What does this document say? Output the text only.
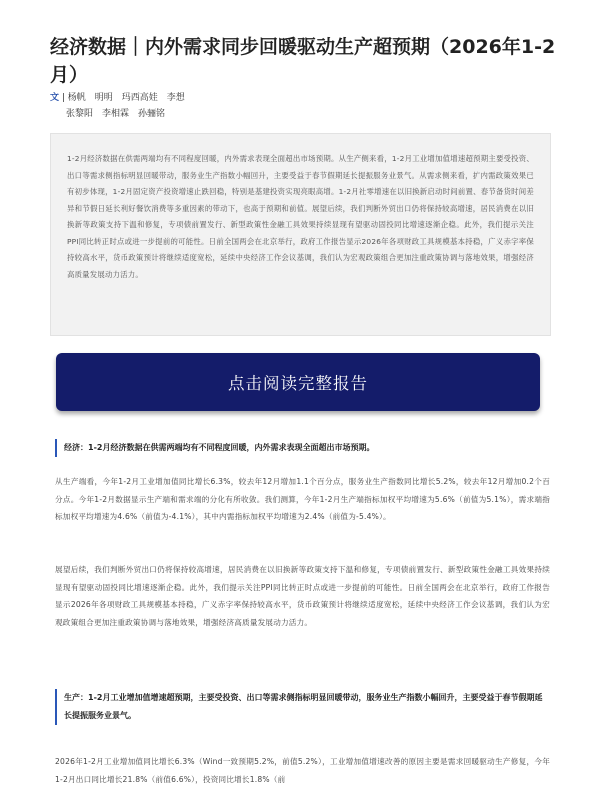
经济数据｜内外需求同步回暖驱动生产超预期（2026年1-2月）
文 | 杨帆　明明　玛西高娃　李想
张黎阳　李相霖　孙骊铭
1-2月经济数据在供需两端均有不同程度回暖，内外需求表现全面超出市场预期。从生产侧来看，1-2月工业增加值增速超预期主要受投资、出口等需求侧指标明显回暖带动，服务业生产指数小幅回升，主要受益于春节假期延长提振服务业景气。从需求侧来看，扩内需政策效果已有初步体现，1-2月固定资产投资增速止跌回稳，特别是基建投资实现亮眼高增。1-2月社零增速在以旧换新启动时间前置、春节备货时间差异和节假日延长利好餐饮消费等多重因素的带动下，也高于预期和前值。展望后续，我们判断外贸出口仍将保持较高增速，居民消费在以旧换新等政策支持下温和修复，专项债前置发行、新型政策性金融工具效果持续显现有望驱动固投同比增速逐渐企稳。此外，我们提示关注PPI同比转正时点或进一步提前的可能性。日前全国两会在北京举行，政府工作报告显示2026年各项财政工具规模基本持稳，广义赤字率保持较高水平，货币政策预计将继续适度宽松，延续中央经济工作会议基调，我们认为宏观政策组合更加注重政策协调与落地效果，增强经济高质量发展动力活力。
点击阅读完整报告
经济：1-2月经济数据在供需两端均有不同程度回暖，内外需求表现全面超出市场预期。
从生产端看，今年1-2月工业增加值同比增长6.3%，较去年12月增加1.1个百分点，服务业生产指数同比增长5.2%，较去年12月增加0.2个百分点。今年1-2月数据显示生产端和需求端的分化有所收敛。我们测算，今年1-2月生产端指标加权平均增速为5.6%（前值为5.1%），需求端指标加权平均增速为4.6%（前值为-4.1%），其中内需指标加权平均增速为2.4%（前值为-5.4%）。
展望后续，我们判断外贸出口仍将保持较高增速，居民消费在以旧换新等政策支持下温和修复，专项债前置发行、新型政策性金融工具效果持续显现有望驱动固投同比增速逐渐企稳。此外，我们提示关注PPI同比转正时点或进一步提前的可能性。日前全国两会在北京举行，政府工作报告显示2026年各项财政工具规模基本持稳，广义赤字率保持较高水平，货币政策预计将继续适度宽松，延续中央经济工作会议基调，我们认为宏观政策组合更加注重政策协调与落地效果，增强经济高质量发展动力活力。
生产：1-2月工业增加值增速超预期，主要受投资、出口等需求侧指标明显回暖带动，服务业生产指数小幅回升，主要受益于春节假期延长提振服务业景气。
2026年1-2月工业增加值同比增长6.3%（Wind一致预期5.2%，前值5.2%），工业增加值增速改善的原因主要是需求回暖驱动生产修复，今年1-2月出口同比增长21.8%（前值6.6%），投资同比增长1.8%（前
